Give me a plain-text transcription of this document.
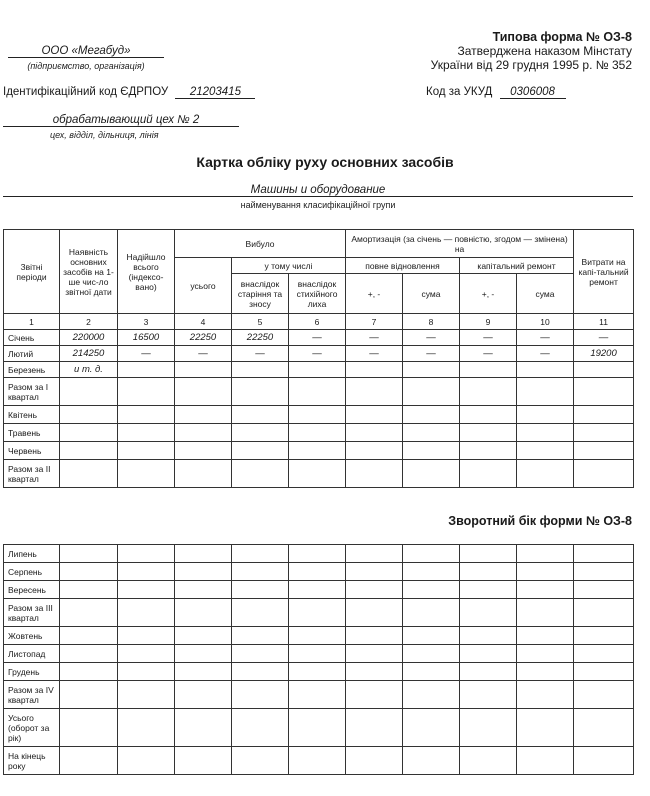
Типова форма № ОЗ-8
Затверджена наказом Мінстату
України від 29 грудня 1995 р. № 352
ООО «Мегабуд»
(підприємство, організація)
Ідентифікаційний код ЄДРПОУ 21203415	Код за УКУД 0306008
обрабатывающий цех № 2
цех, відділ, дільниця, лінія
Картка обліку руху основних засобів
Машины и оборудование
найменування класифікаційної групи
Звітні періоди	Наявність основних засобів на 1-ше чис-ло звітної дати	Надійшло всього (індексо-вано)	Вибуло			Амортизація (за січень — повністю, згодом — змінена) на				Витрати на капі-тальний ремонт
			усього	у тому числі		повне відновлення		капітальний ремонт		
				внаслідок старіння та зносу	внаслідок стихійного лиха	+, -	сума	+, -	сума	
1	2	3	4	5	6	7	8	9	10	11
Січень	220000	16500	22250	22250	—	—	—	—	—	—
Лютий	214250	—	—	—	—	—	—	—	—	19200
Березень	и т. д.									
Разом за I квартал										
Квітень										
Травень										
Червень										
Разом за II квартал										
Зворотний бік форми № ОЗ-8
Липень										
Серпень										
Вересень										
Разом за III квартал										
Жовтень										
Листопад										
Грудень										
Разом за IV квартал										
Усього (оборот за рік)										
На кінець року										
